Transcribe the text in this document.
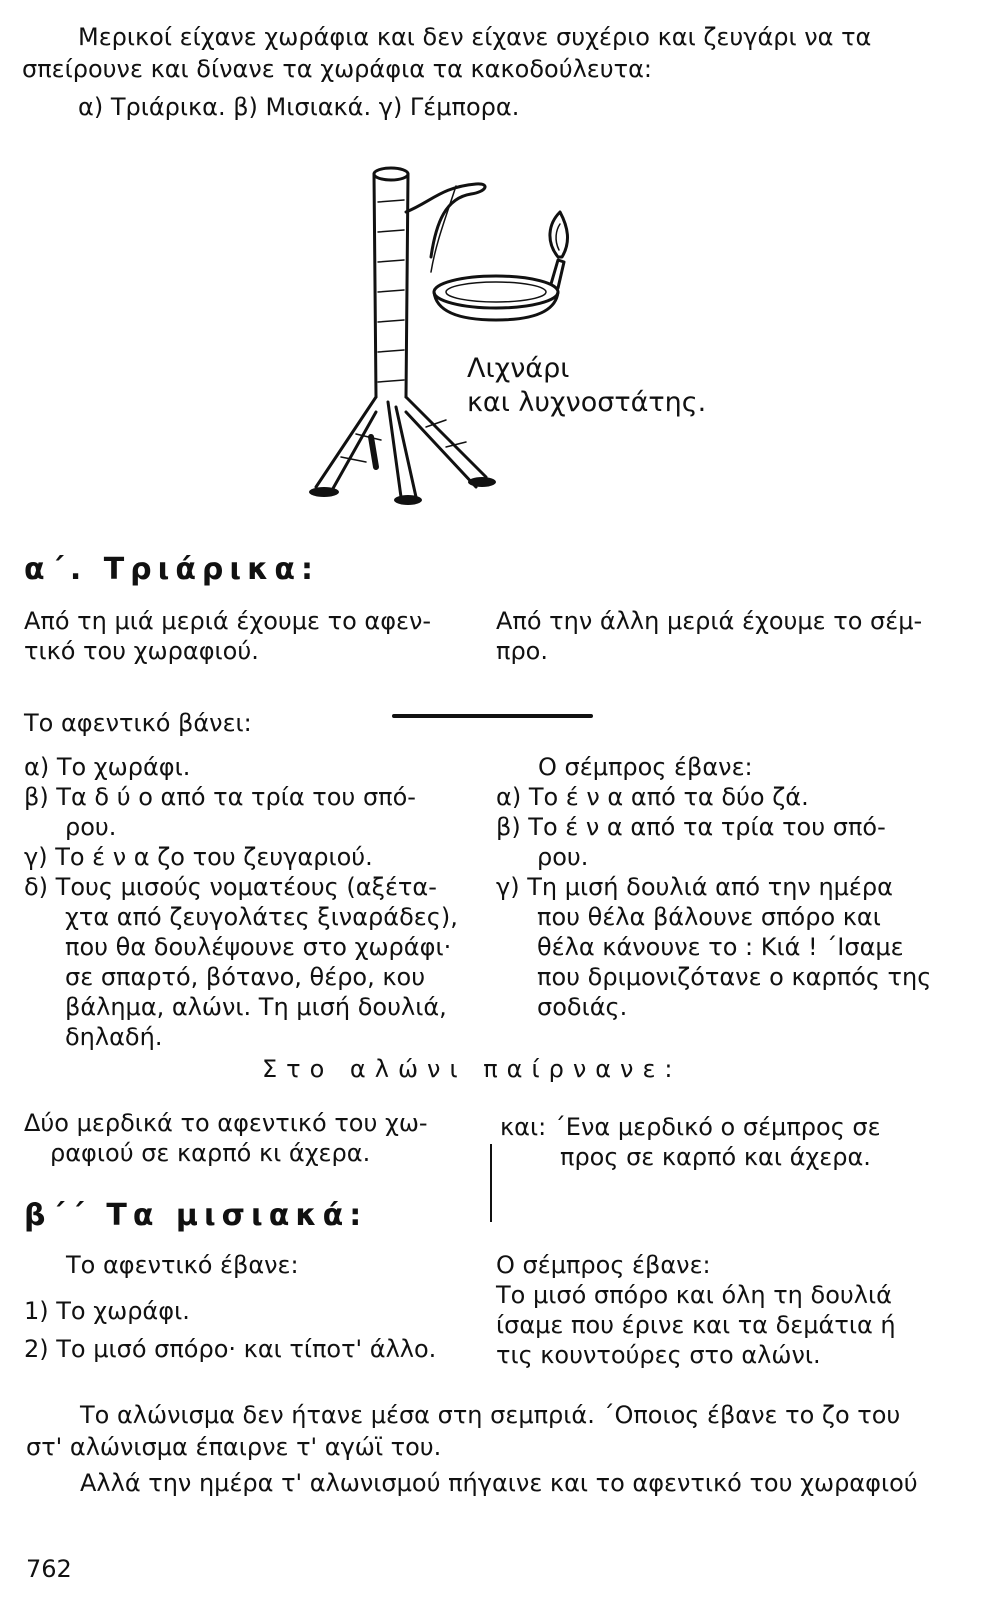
Μερικοί είχανε χωράφια και δεν είχανε συχέριο και ζευγάρι να τα
σπείρουνε και δίνανε τα χωράφια τα κακοδούλευτα:
α) Τριάρικα. β) Μισιακά. γ) Γέμπορα.
Λιχνάρι
και λυχνοστάτης.
α΄. Τριάρικα:
Από τη μιά μεριά έχουμε το αφεν-
τικό του χωραφιού.
Από την άλλη μεριά έχουμε το σέμ-
προ.
Το αφεντικό βάνει:
α) Το χωράφι.
β) Τα δ ύ ο από τα τρία του σπό-
ρου.
γ) Το έ ν α ζο του ζευγαριού.
δ) Τους μισούς νοματέους (αξέτα-
χτα από ζευγολάτες ξιναράδες),
που θα δουλέψουνε στο χωράφι·
σε σπαρτό, βότανο, θέρο, κου
βάλημα, αλώνι. Τη μισή δουλιά,
δηλαδή.
Ο σέμπρος έβανε:
α) Το έ ν α από τα δύο ζά.
β) Το έ ν α από τα τρία του σπό-
ρου.
γ) Τη μισή δουλιά από την ημέρα
που θέλα βάλουνε σπόρο και
θέλα κάνουνε το : Κιά ! ΄Ισαμε
που δριμονιζότανε ο καρπός της
σοδιάς.
Στο αλώνι παίρνανε:
Δύο μερδικά το αφεντικό του χω-
ραφιού σε καρπό κι άχερα.
και: ΄Ενα μερδικό ο σέμπρος σε
προς σε καρπό και άχερα.
β΄΄ Τα μισιακά:
Το αφεντικό έβανε:
1) Το χωράφι.
2) Το μισό σπόρο· και τίποτ' άλλο.
Ο σέμπρος έβανε:
Το μισό σπόρο και όλη τη δουλιά
ίσαμε που έρινε και τα δεμάτια ή
τις κουντούρες στο αλώνι.
Το αλώνισμα δεν ήτανε μέσα στη σεμπριά. ΄Οποιος έβανε το ζο του
στ' αλώνισμα έπαιρνε τ' αγώϊ του.
Αλλά την ημέρα τ' αλωνισμού πήγαινε και το αφεντικό του χωραφιού
762
